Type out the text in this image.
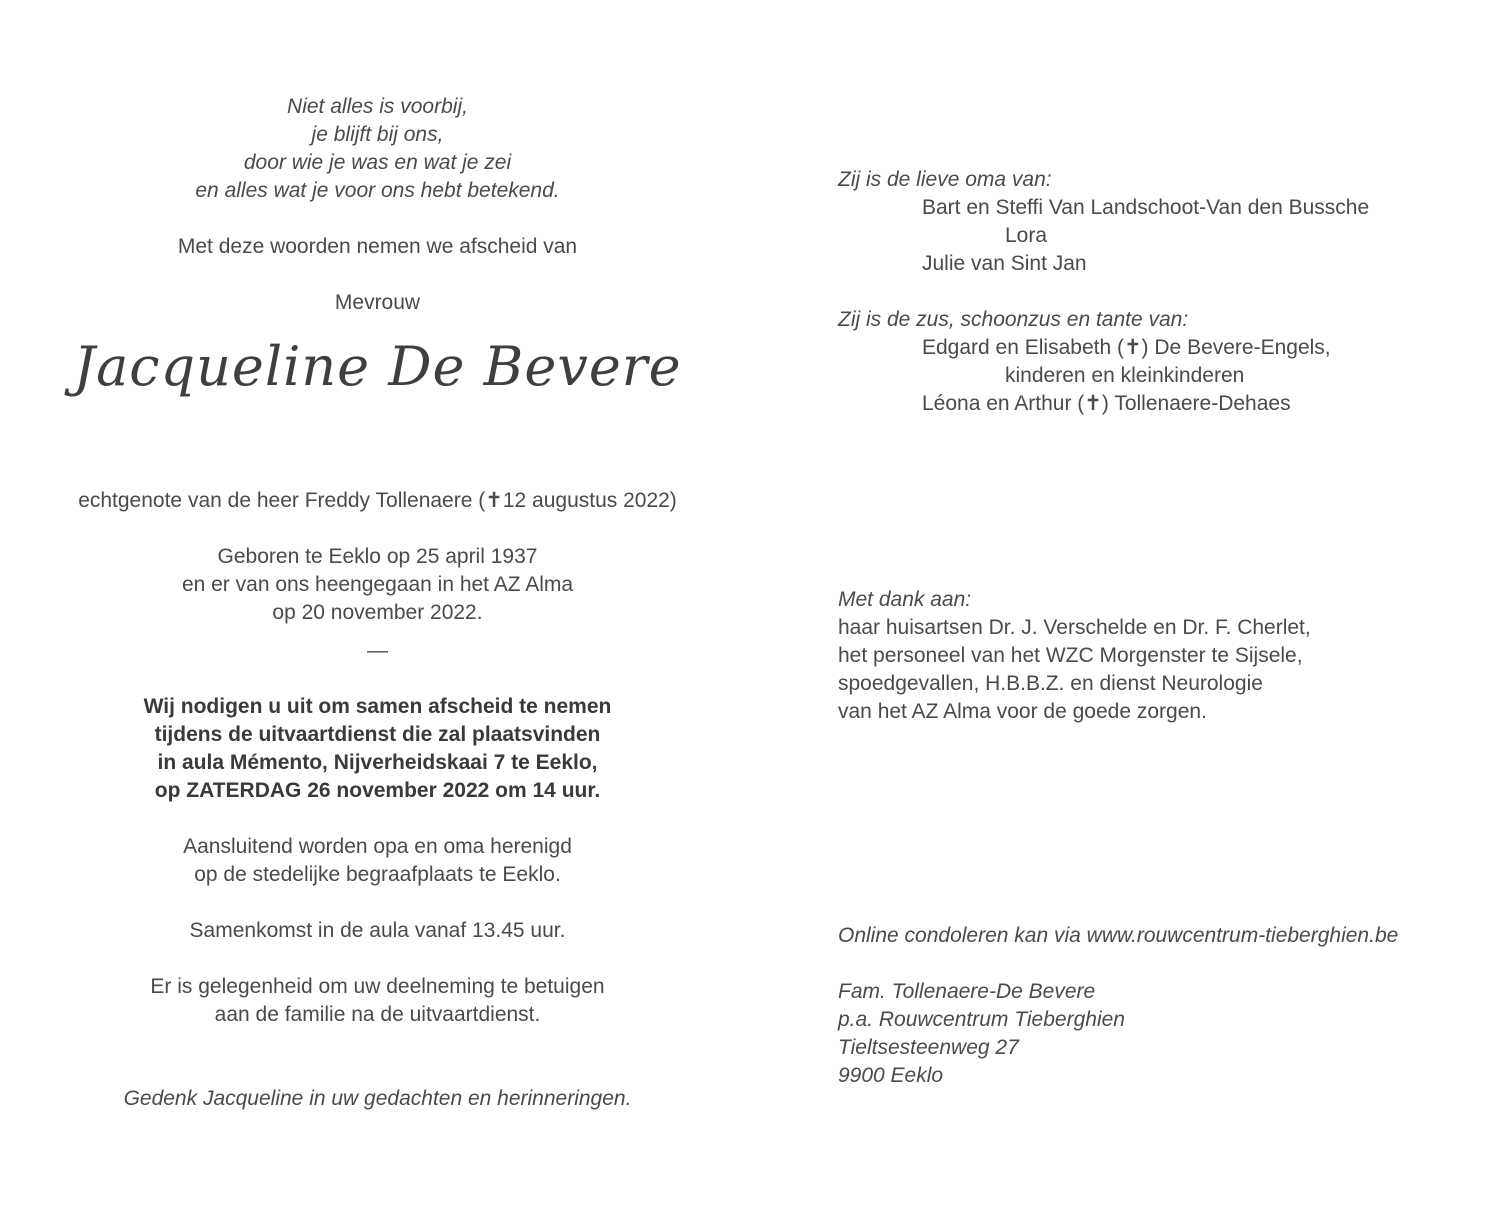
Niet alles is voorbij,
je blijft bij ons,
door wie je was en wat je zei
en alles wat je voor ons hebt betekend.
Met deze woorden nemen we afscheid van
Mevrouw
Jacqueline De Bevere
echtgenote van de heer Freddy Tollenaere (✝12 augustus 2022)
Geboren te Eeklo op 25 april 1937
en er van ons heengegaan in het AZ Alma
op 20 november 2022.
—
Wij nodigen u uit om samen afscheid te nemen
tijdens de uitvaartdienst die zal plaatsvinden
in aula Mémento, Nijverheidskaai 7 te Eeklo,
op ZATERDAG 26 november 2022 om 14 uur.
Aansluitend worden opa en oma herenigd
op de stedelijke begraafplaats te Eeklo.
Samenkomst in de aula vanaf 13.45 uur.
Er is gelegenheid om uw deelneming te betuigen
aan de familie na de uitvaartdienst.
Gedenk Jacqueline in uw gedachten en herinneringen.
Zij is de lieve oma van:
Bart en Steffi Van Landschoot-Van den Bussche
Lora
Julie van Sint Jan
Zij is de zus, schoonzus en tante van:
Edgard en Elisabeth (✝) De Bevere-Engels,
kinderen en kleinkinderen
Léona en Arthur (✝) Tollenaere-Dehaes
Met dank aan:
haar huisartsen Dr. J. Verschelde en Dr. F. Cherlet,
het personeel van het WZC Morgenster te Sijsele,
spoedgevallen, H.B.B.Z. en dienst Neurologie
van het AZ Alma voor de goede zorgen.
Online condoleren kan via www.rouwcentrum-tieberghien.be
Fam. Tollenaere-De Bevere
p.a. Rouwcentrum Tieberghien
Tieltsesteenweg 27
9900 Eeklo
